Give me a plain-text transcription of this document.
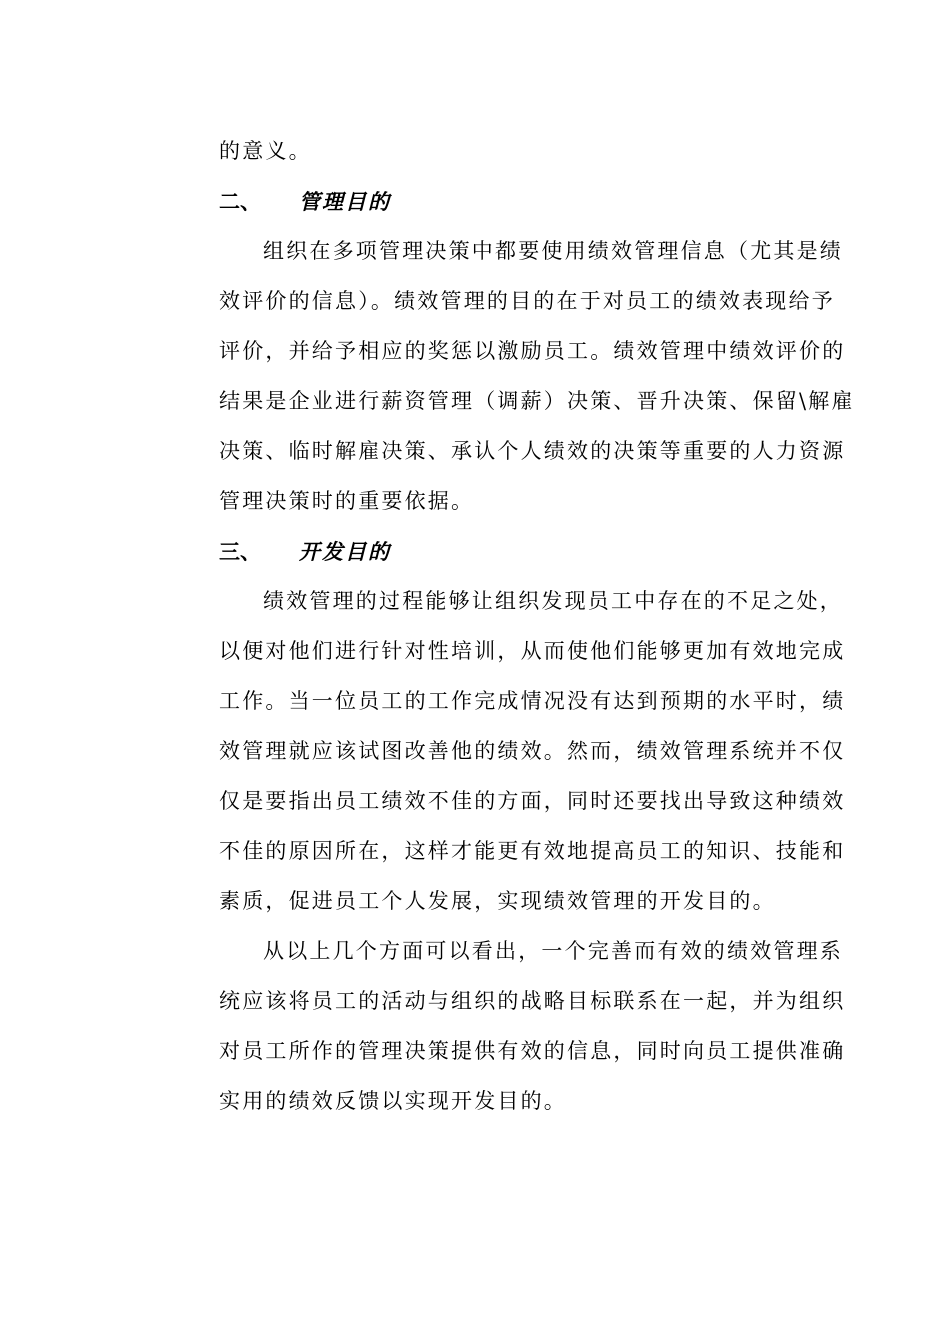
的意义。
二、	管理目的
组织在多项管理决策中都要使用绩效管理信息（尤其是绩
效评价的信息）。绩效管理的目的在于对员工的绩效表现给予
评价，并给予相应的奖惩以激励员工。绩效管理中绩效评价的
结果是企业进行薪资管理（调薪）决策、晋升决策、保留\解雇
决策、临时解雇决策、承认个人绩效的决策等重要的人力资源
管理决策时的重要依据。
三、	开发目的
绩效管理的过程能够让组织发现员工中存在的不足之处，
以便对他们进行针对性培训，从而使他们能够更加有效地完成
工作。当一位员工的工作完成情况没有达到预期的水平时，绩
效管理就应该试图改善他的绩效。然而，绩效管理系统并不仅
仅是要指出员工绩效不佳的方面，同时还要找出导致这种绩效
不佳的原因所在，这样才能更有效地提高员工的知识、技能和
素质，促进员工个人发展，实现绩效管理的开发目的。
从以上几个方面可以看出，一个完善而有效的绩效管理系
统应该将员工的活动与组织的战略目标联系在一起，并为组织
对员工所作的管理决策提供有效的信息，同时向员工提供准确
实用的绩效反馈以实现开发目的。
